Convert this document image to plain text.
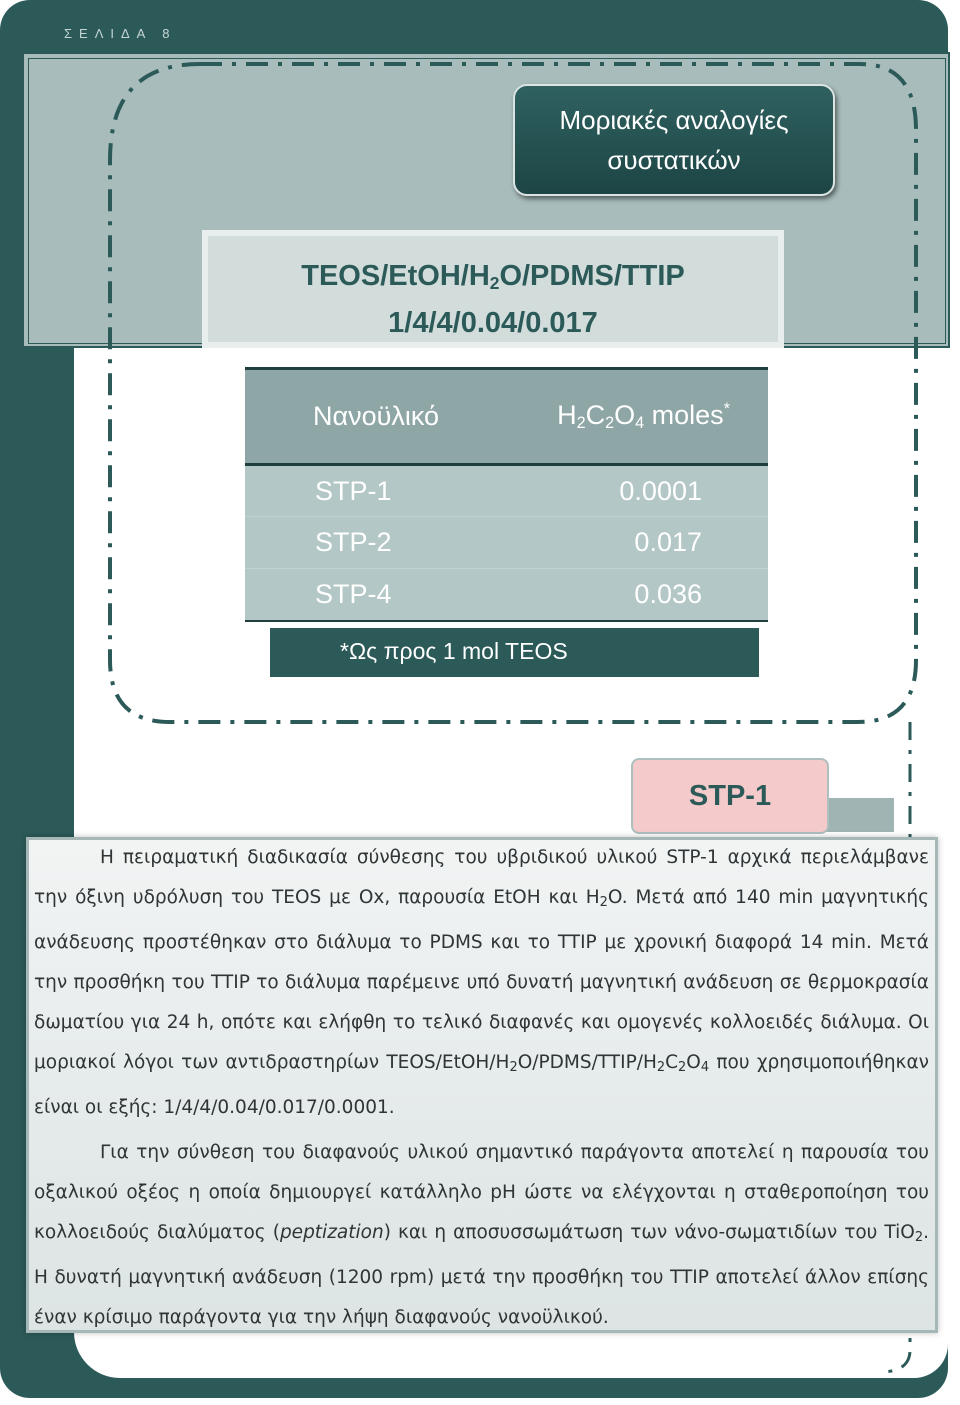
ΣΕΛΙΔΑ 8
Μοριακές αναλογίες
συστατικών
TEOS/$EtOH/H_2O/PDMS$/TTIP
1/4/4/0.04/0.017
Νανοϋλικό	$H_2C_2O_4$ moles*
STP-1	0.0001
STP-2	0.017
STP-4	0.036
*Ως προς 1 mol TEOS
STP-1
Η πειραματική διαδικασία σύνθεσης του υβριδικού υλικού STP-1 αρχικά περιελάμβανε την όξινη υδρόλυση του TEOS με Ox, παρουσία EtOH και H2O. Μετά από 140 min μαγνητικής ανάδευσης προστέθηκαν στο διάλυμα το PDMS και το TTIP με χρονική διαφορά 14 min. Μετά την προσθήκη του TTIP το διάλυμα παρέμεινε υπό δυνατή μαγνητική ανάδευση σε θερμοκρασία δωματίου για 24 h, οπότε και ελήφθη το τελικό διαφανές και ομογενές κολλοειδές διάλυμα. Οι μοριακοί λόγοι των αντιδραστηρίων TEOS/EtOH/H2O/PDMS/TTIP/H2C2O4 που χρησιμοποιήθηκαν είναι οι εξής: 1/4/4/0.04/0.017/0.0001.
Για την σύνθεση του διαφανούς υλικού σημαντικό παράγοντα αποτελεί η παρουσία του οξαλικού οξέος η οποία δημιουργεί κατάλληλο pH ώστε να ελέγχονται η σταθεροποίηση του κολλοειδούς διαλύματος (peptization) και η αποσυσσωμάτωση των νάνο-σωματιδίων του TiO2. Η δυνατή μαγνητική ανάδευση (1200 rpm) μετά την προσθήκη του TTIP αποτελεί άλλον επίσης έναν κρίσιμο παράγοντα για την λήψη διαφανούς νανοϋλικού.
